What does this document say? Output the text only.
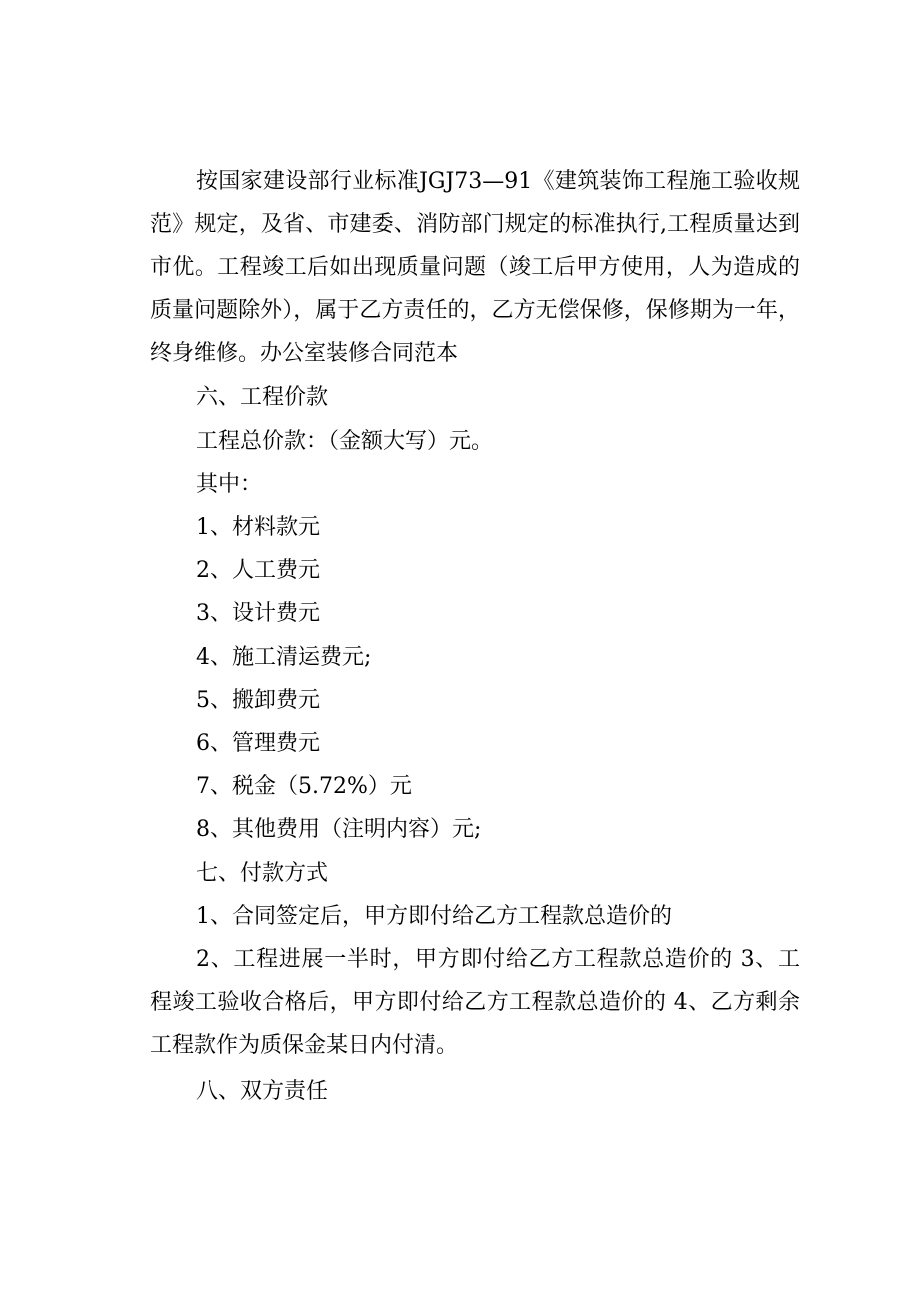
按国家建设部行业标准JGJ73—91《建筑装饰工程施工验收规范》规定，及省、市建委、消防部门规定的标准执行,工程质量达到市优。工程竣工后如出现质量问题（竣工后甲方使用，人为造成的质量问题除外），属于乙方责任的，乙方无偿保修，保修期为一年，终身维修。办公室装修合同范本

六、工程价款

工程总价款：（金额大写）元。

其中：

1、材料款元

2、人工费元

3、设计费元

4、施工清运费元;

5、搬卸费元

6、管理费元

7、税金（5.72%）元

8、其他费用（注明内容）元;

七、付款方式

1、合同签定后，甲方即付给乙方工程款总造价的

2、工程进展一半时，甲方即付给乙方工程款总造价的 3、工程竣工验收合格后，甲方即付给乙方工程款总造价的 4、乙方剩余工程款作为质保金某日内付清。

八、双方责任
